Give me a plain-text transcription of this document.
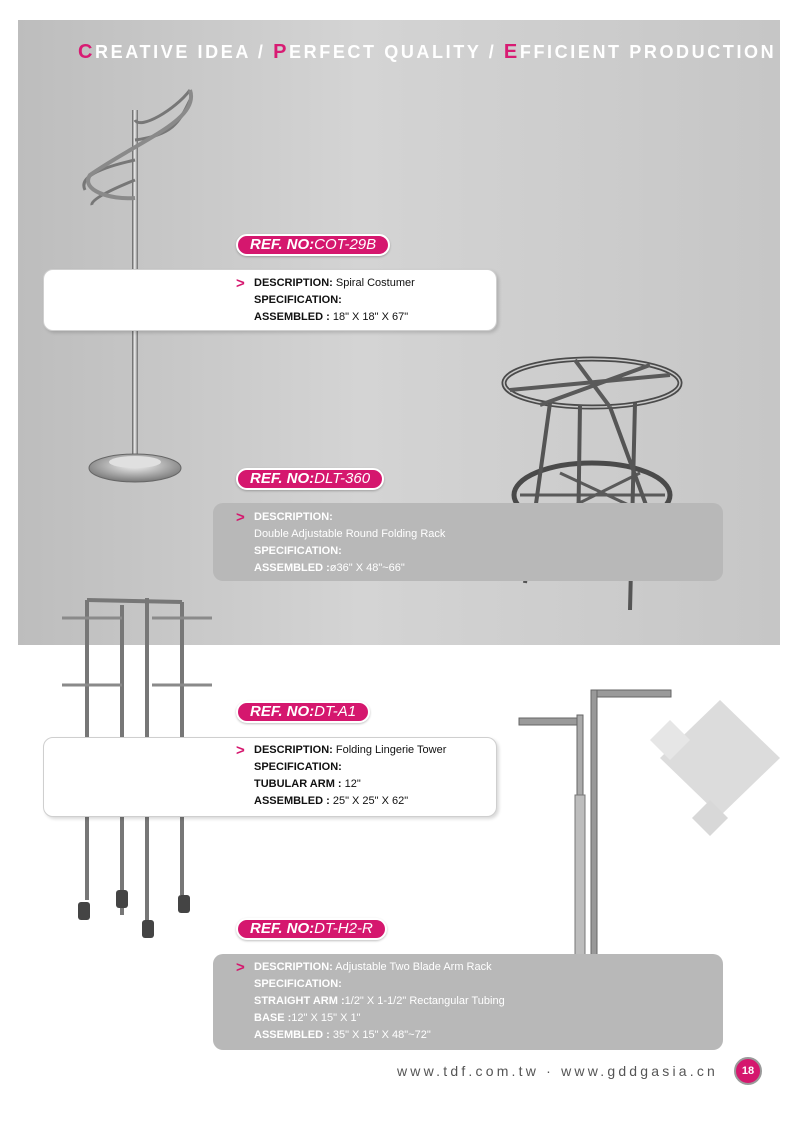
CREATIVE IDEA / PERFECT QUALITY / EFFICIENT PRODUCTION
REF. NO:COT-29B
> DESCRIPTION: Spiral Costumer
SPECIFICATION:
ASSEMBLED : 18" X 18" X 67"
REF. NO:DLT-360
> DESCRIPTION:
Double Adjustable Round Folding Rack
SPECIFICATION:
ASSEMBLED :ø36" X 48"~66"
REF. NO:DT-A1
> DESCRIPTION: Folding Lingerie Tower
SPECIFICATION:
TUBULAR ARM : 12"
ASSEMBLED : 25" X 25" X 62"
REF. NO:DT-H2-R
> DESCRIPTION: Adjustable Two Blade Arm Rack
SPECIFICATION:
STRAIGHT ARM :1/2" X 1-1/2" Rectangular Tubing
BASE :12" X 15" X 1"
ASSEMBLED : 35" X 15" X 48"~72"
www.tdf.com.tw · www.gddgasia.cn	18
